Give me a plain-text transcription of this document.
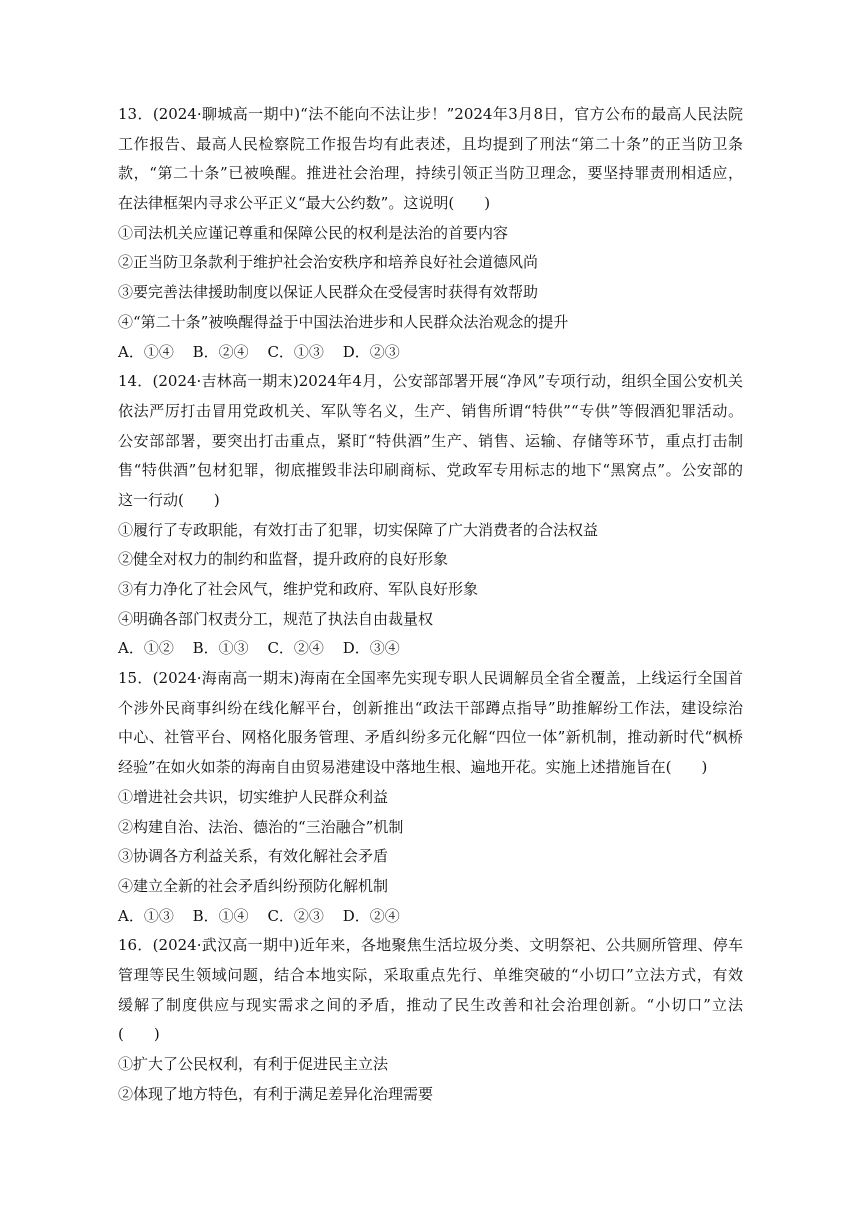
13．(2024·聊城高一期中)“法不能向不法让步！”2024年3月8日，官方公布的最高人民法院
工作报告、最高人民检察院工作报告均有此表述，且均提到了刑法“第二十条”的正当防卫条
款，“第二十条”已被唤醒。推进社会治理，持续引领正当防卫理念，要坚持罪责刑相适应，
在法律框架内寻求公平正义“最大公约数”。这说明(　　)
①司法机关应谨记尊重和保障公民的权利是法治的首要内容
②正当防卫条款利于维护社会治安秩序和培养良好社会道德风尚
③要完善法律援助制度以保证人民群众在受侵害时获得有效帮助
④“第二十条”被唤醒得益于中国法治进步和人民群众法治观念的提升
A．①④ B．②④ C．①③ D．②③
14．(2024·吉林高一期末)2024年4月，公安部部署开展“净风”专项行动，组织全国公安机关
依法严厉打击冒用党政机关、军队等名义，生产、销售所谓“特供”“专供”等假酒犯罪活动。
公安部部署，要突出打击重点，紧盯“特供酒”生产、销售、运输、存储等环节，重点打击制
售“特供酒”包材犯罪，彻底摧毁非法印刷商标、党政军专用标志的地下“黑窝点”。公安部的
这一行动(　　)
①履行了专政职能，有效打击了犯罪，切实保障了广大消费者的合法权益
②健全对权力的制约和监督，提升政府的良好形象
③有力净化了社会风气，维护党和政府、军队良好形象
④明确各部门权责分工，规范了执法自由裁量权
A．①② B．①③ C．②④ D．③④
15．(2024·海南高一期末)海南在全国率先实现专职人民调解员全省全覆盖，上线运行全国首
个涉外民商事纠纷在线化解平台，创新推出“政法干部蹲点指导”助推解纷工作法，建设综治
中心、社管平台、网格化服务管理、矛盾纠纷多元化解“四位一体”新机制，推动新时代“枫桥
经验”在如火如荼的海南自由贸易港建设中落地生根、遍地开花。实施上述措施旨在(　　)
①增进社会共识，切实维护人民群众利益
②构建自治、法治、德治的“三治融合”机制
③协调各方利益关系，有效化解社会矛盾
④建立全新的社会矛盾纠纷预防化解机制
A．①③ B．①④ C．②③ D．②④
16．(2024·武汉高一期中)近年来，各地聚焦生活垃圾分类、文明祭祀、公共厕所管理、停车
管理等民生领域问题，结合本地实际，采取重点先行、单维突破的“小切口”立法方式，有效
缓解了制度供应与现实需求之间的矛盾，推动了民生改善和社会治理创新。“小切口”立法
(　　)
①扩大了公民权利，有利于促进民主立法
②体现了地方特色，有利于满足差异化治理需要
